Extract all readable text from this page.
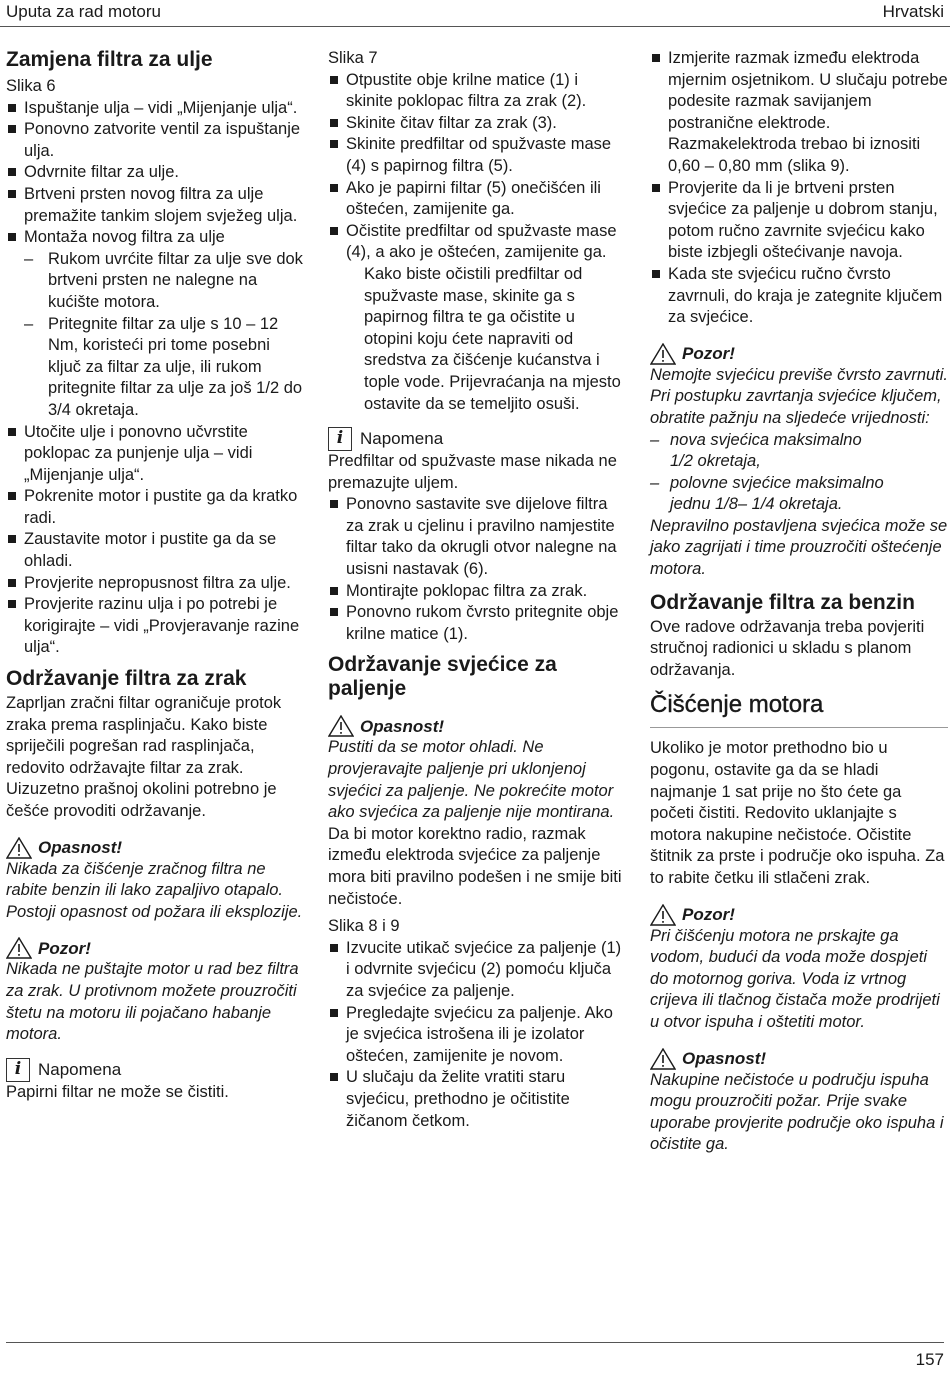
Uputa za rad motoru	Hrvatski
Zamjena filtra za ulje

Slika 6

Ispuštanje ulja – vidi „Mijenjanje ulja“.
Ponovno zatvorite ventil za ispuštanje ulja.
Odvrnite filtar za ulje.
Brtveni prsten novog filtra za ulje premažite tankim slojem svježeg ulja.
Montaža novog filtra za ulje
– Rukom uvrćite filtar za ulje sve dok brtveni prsten ne nalegne na kućište motora.
– Pritegnite filtar za ulje s 10 – 12 Nm, koristeći pri tome posebni ključ za filtar za ulje, ili rukom pritegnite filtar za ulje za još 1/2 do 3/4 okretaja.
Utočite ulje i ponovno učvrstite poklopac za punjenje ulja – vidi „Mijenjanje ulja“.
Pokrenite motor i pustite ga da kratko radi.
Zaustavite motor i pustite ga da se ohladi.
Provjerite nepropusnost filtra za ulje.
Provjerite razinu ulja i po potrebi je korigirajte – vidi „Provjeravanje razine ulja“.
Održavanje filtra za zrak

Zaprljan zračni filtar ograničuje protok zraka prema rasplinjaču. Kako biste spriječili pogrešan rad rasplinjača, redovito održavajte filtar za zrak. Uizuzetno prašnoj okolini potrebno je češće provoditi održavanje.

Opasnost!

Nikada za čišćenje zračnog filtra ne rabite benzin ili lako zapaljivo otapalo. Postoji opasnost od požara ili eksplozije.

Pozor!

Nikada ne puštajte motor u rad bez filtra za zrak. U protivnom možete prouzročiti štetu na motoru ili pojačano habanje motora.

i Napomena

Papirni filtar ne može se čistiti.

Slika 7

Otpustite obje krilne matice (1) i skinite poklopac filtra za zrak (2).
Skinite čitav filtar za zrak (3).
Skinite predfiltar od spužvaste mase (4) s papirnog filtra (5).
Ako je papirni filtar (5) onečišćen ili oštećen, zamijenite ga.
Očistite predfiltar od spužvaste mase (4), a ako je oštećen, zamijenite ga.

Kako biste očistili predfiltar od spužvaste mase, skinite ga s papirnog filtra te ga očistite u otopini koju ćete napraviti od sredstva za čišćenje kućanstva i tople vode. Prijevraćanja na mjesto ostavite da se temeljito osuši.

i Napomena

Predfiltar od spužvaste mase nikada ne premazujte uljem.

Ponovno sastavite sve dijelove filtra za zrak u cjelinu i pravilno namjestite filtar tako da okrugli otvor nalegne na usisni nastavak (6).
Montirajte poklopac filtra za zrak.
Ponovno rukom čvrsto pritegnite obje krilne matice (1).
Održavanje svjećice za paljenje
Opasnost!

Pustiti da se motor ohladi. Ne provjeravajte paljenje pri uklonjenoj svjećici za paljenje. Ne pokrećite motor ako svjećica za paljenje nije montirana.

Da bi motor korektno radio, razmak između elektroda svjećice za paljenje mora biti pravilno podešen i ne smije biti nečistoće.

Slika 8 i 9

Izvucite utikač svjećice za paljenje (1) i odvrnite svjećicu (2) pomoću ključa za svjećice za paljenje.
Pregledajte svjećicu za paljenje. Ako je svjećica istrošena ili je izolator oštećen, zamijenite je novom.
U slučaju da želite vratiti staru svjećicu, prethodno je očitistite žičanom četkom.
Izmjerite razmak između elektroda mjernim osjetnikom. U slučaju potrebe podesite razmak savijanjem postranične elektrode. Razmakelektroda trebao bi iznositi 0,60 – 0,80 mm (slika 9).
Provjerite da li je brtveni prsten svjećice za paljenje u dobrom stanju, potom ručno zavrnite svjećicu kako biste izbjegli oštećivanje navoja.
Kada ste svjećicu ručno čvrsto zavrnuli, do kraja je zategnite ključem za svjećice.
Pozor!

Nemojte svjećicu previše čvrsto zavrnuti. Pri postupku zavrtanja svjećice ključem, obratite pažnju na sljedeće vrijednosti:

– nova svjećica maksimalno

1/2 okretaja,

– polovne svjećice maksimalno

jednu 1/8– 1/4 okretaja.

Nepravilno postavljena svjećica može se jako zagrijati i time prouzročiti oštećenje motora.

Održavanje filtra za benzin

Ove radove održavanja treba povjeriti stručnoj radionici u skladu s planom održavanja.

Čišćenje motora

Ukoliko je motor prethodno bio u pogonu, ostavite ga da se hladi najmanje 1 sat prije no što ćete ga početi čistiti. Redovito uklanjajte s motora nakupine nečistoće. Očistite štitnik za prste i područje oko ispuha. Za to rabite četku ili stlačeni zrak.

Pozor!

Pri čišćenju motora ne prskajte ga vodom, budući da voda može dospjeti do motornog goriva. Voda iz vrtnog crijeva ili tlačnog čistača može prodrijeti u otvor ispuha i oštetiti motor.

Opasnost!

Nakupine nečistoće u području ispuha mogu prouzročiti požar. Prije svake uporabe provjerite područje oko ispuha i očistite ga.

157
